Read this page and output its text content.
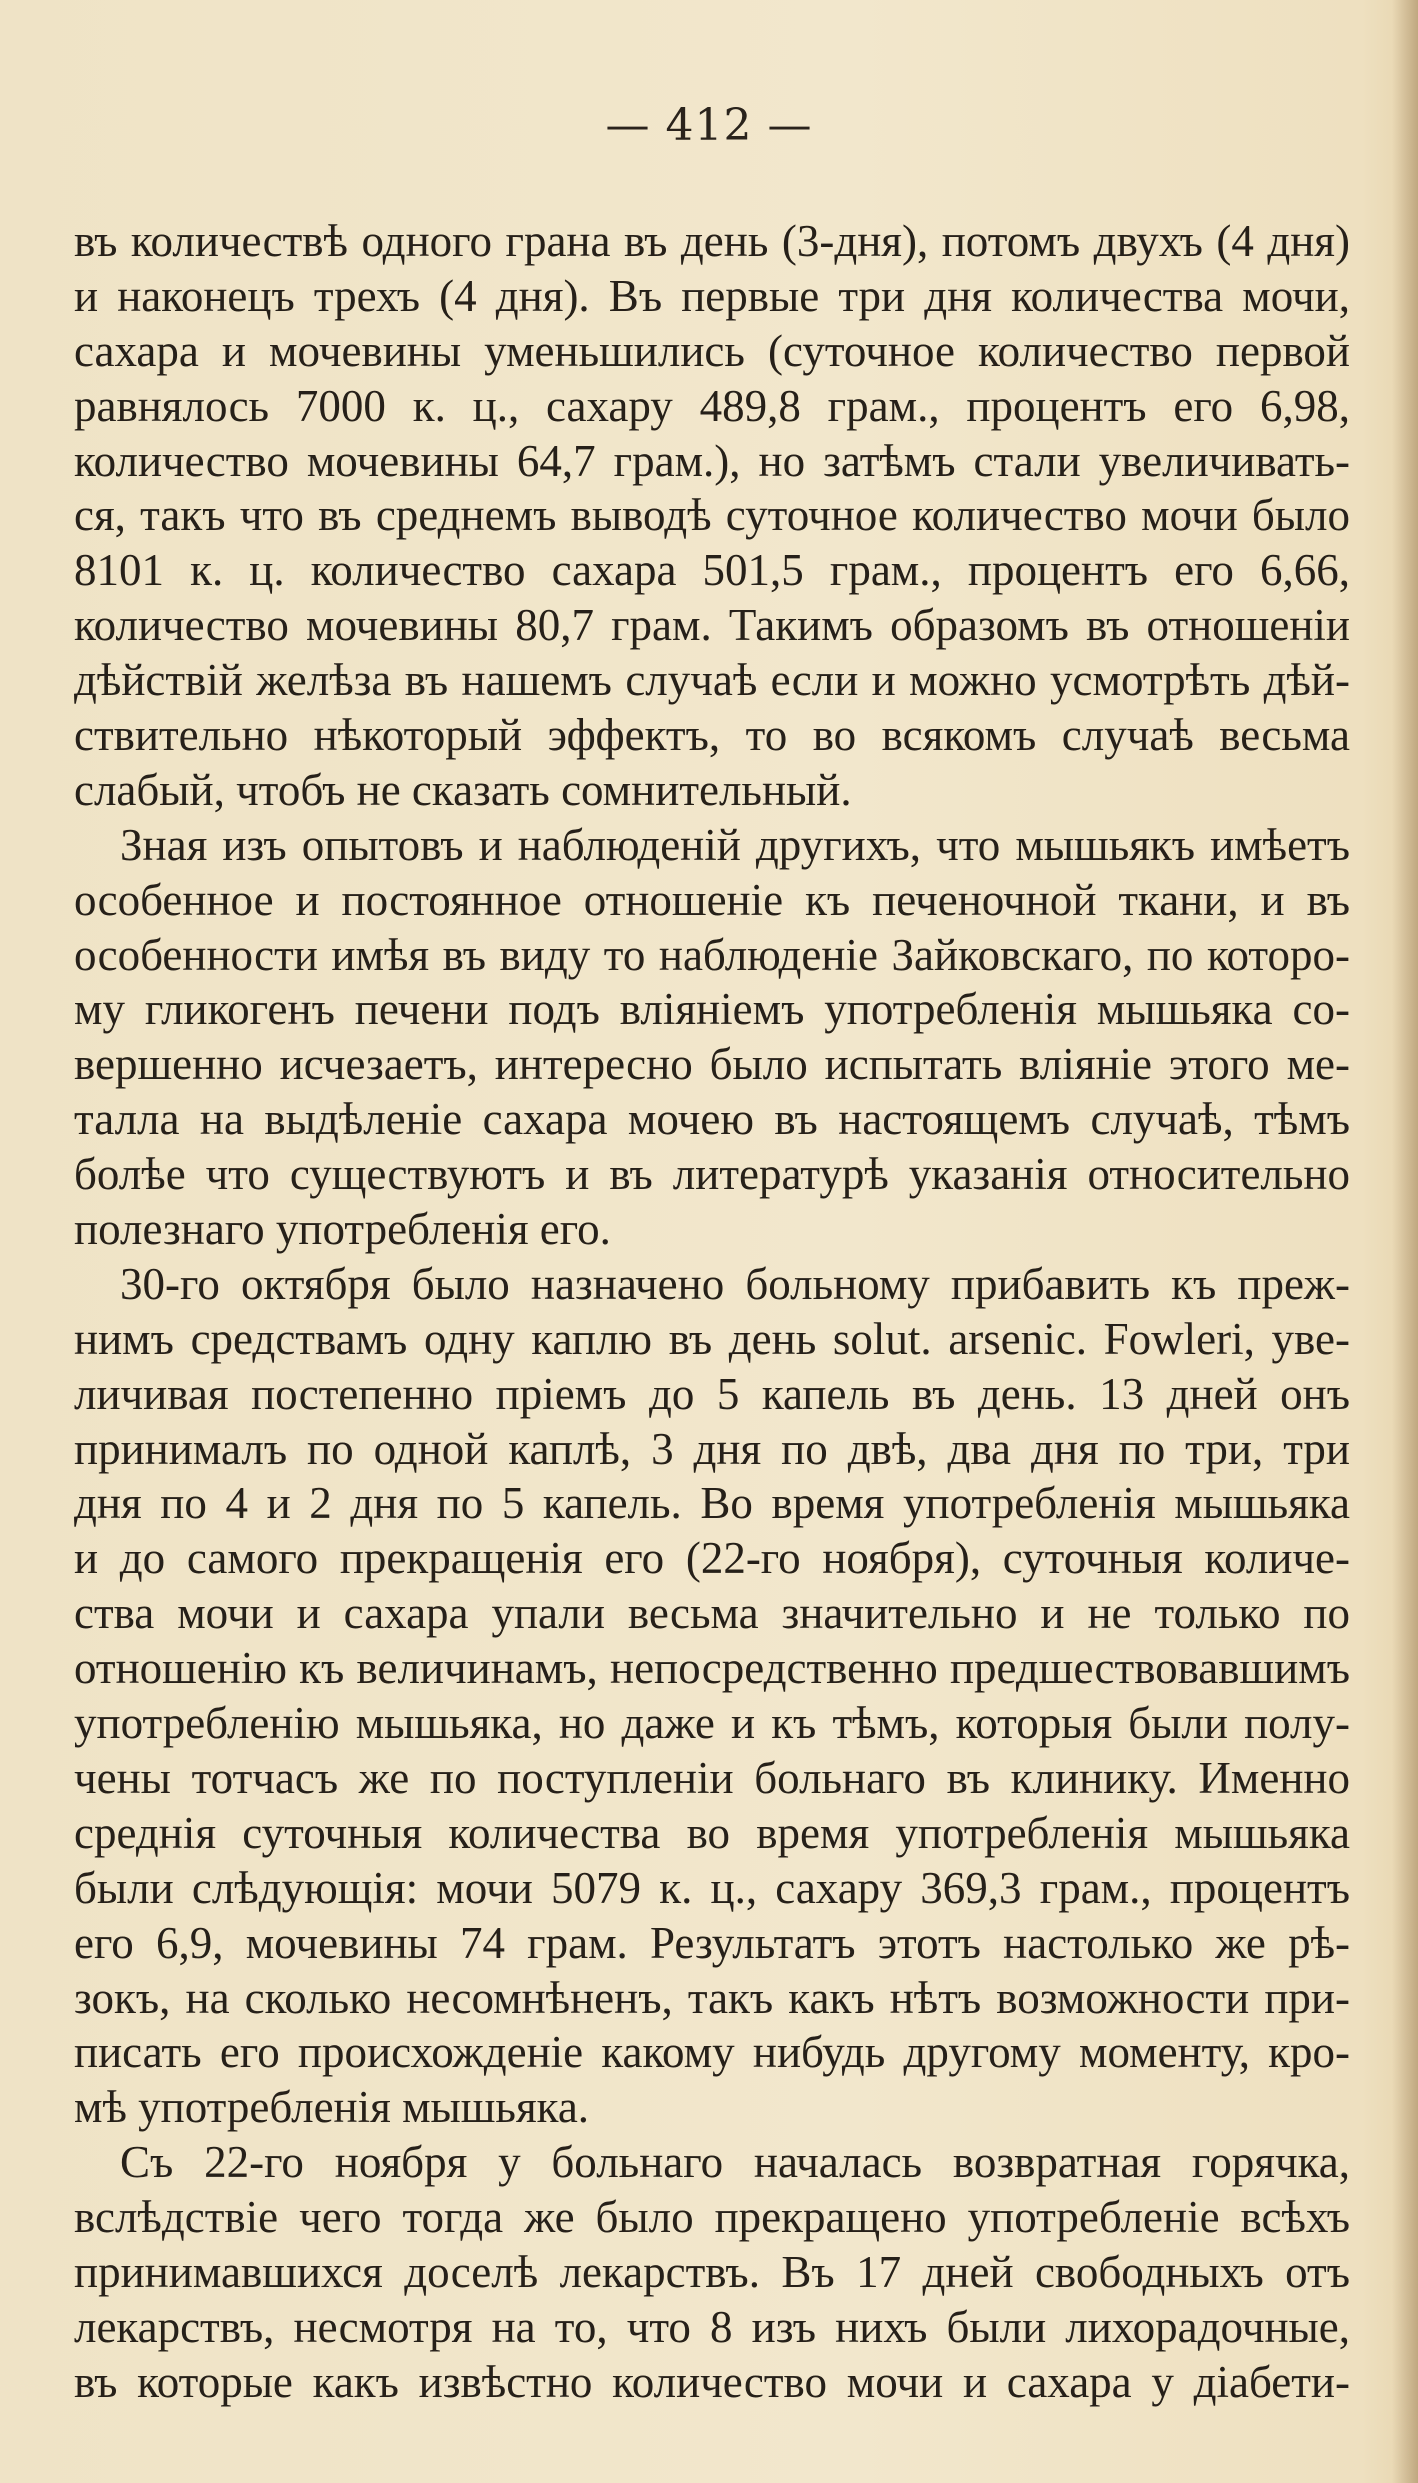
— 412 —
въ количествѣ одного грана въ день (3-дня), потомъ двухъ (4 дня)
и наконецъ трехъ (4 дня). Въ первые три дня количества мочи,
сахара и мочевины уменьшились (суточное количество первой
равнялось 7000 к. ц., сахару 489,8 грам., процентъ его 6,98,
количество мочевины 64,7 грам.), но затѣмъ стали увеличивать-
ся, такъ что въ среднемъ выводѣ суточное количество мочи было
8101 к. ц. количество сахара 501,5 грам., процентъ его 6,66,
количество мочевины 80,7 грам. Такимъ образомъ въ отношеніи
дѣйствій желѣза въ нашемъ случаѣ если и можно усмотрѣть дѣй-
ствительно нѣкоторый эффектъ, то во всякомъ случаѣ весьма
слабый, чтобъ не сказать сомнительный.
Зная изъ опытовъ и наблюденій другихъ, что мышьякъ имѣетъ
особенное и постоянное отношеніе къ печеночной ткани, и въ
особенности имѣя въ виду то наблюденіе Зайковскаго, по которо-
му гликогенъ печени подъ вліяніемъ употребленія мышьяка со-
вершенно исчезаетъ, интересно было испытать вліяніе этого ме-
талла на выдѣленіе сахара мочею въ настоящемъ случаѣ, тѣмъ
болѣе что существуютъ и въ литературѣ указанія относительно
полезнаго употребленія его.
30-го октября было назначено больному прибавить къ преж-
нимъ средствамъ одну каплю въ день solut. arsenic. Fowleri, уве-
личивая постепенно пріемъ до 5 капель въ день. 13 дней онъ
принималъ по одной каплѣ, 3 дня по двѣ, два дня по три, три
дня по 4 и 2 дня по 5 капель. Во время употребленія мышьяка
и до самого прекращенія его (22-го ноября), суточныя количе-
ства мочи и сахара упали весьма значительно и не только по
отношенію къ величинамъ, непосредственно предшествовавшимъ
употребленію мышьяка, но даже и къ тѣмъ, которыя были полу-
чены тотчасъ же по поступленіи больнаго въ клинику. Именно
среднія суточныя количества во время употребленія мышьяка
были слѣдующія: мочи 5079 к. ц., сахару 369,3 грам., процентъ
его 6,9, мочевины 74 грам. Результатъ этотъ настолько же рѣ-
зокъ, на сколько несомнѣненъ, такъ какъ нѣтъ возможности при-
писать его происхожденіе какому нибудь другому моменту, кро-
мѣ употребленія мышьяка.
Съ 22-го ноября у больнаго началась возвратная горячка,
вслѣдствіе чего тогда же было прекращено употребленіе всѣхъ
принимавшихся доселѣ лекарствъ. Въ 17 дней свободныхъ отъ
лекарствъ, несмотря на то, что 8 изъ нихъ были лихорадочные,
въ которые какъ извѣстно количество мочи и сахара у діабети-
